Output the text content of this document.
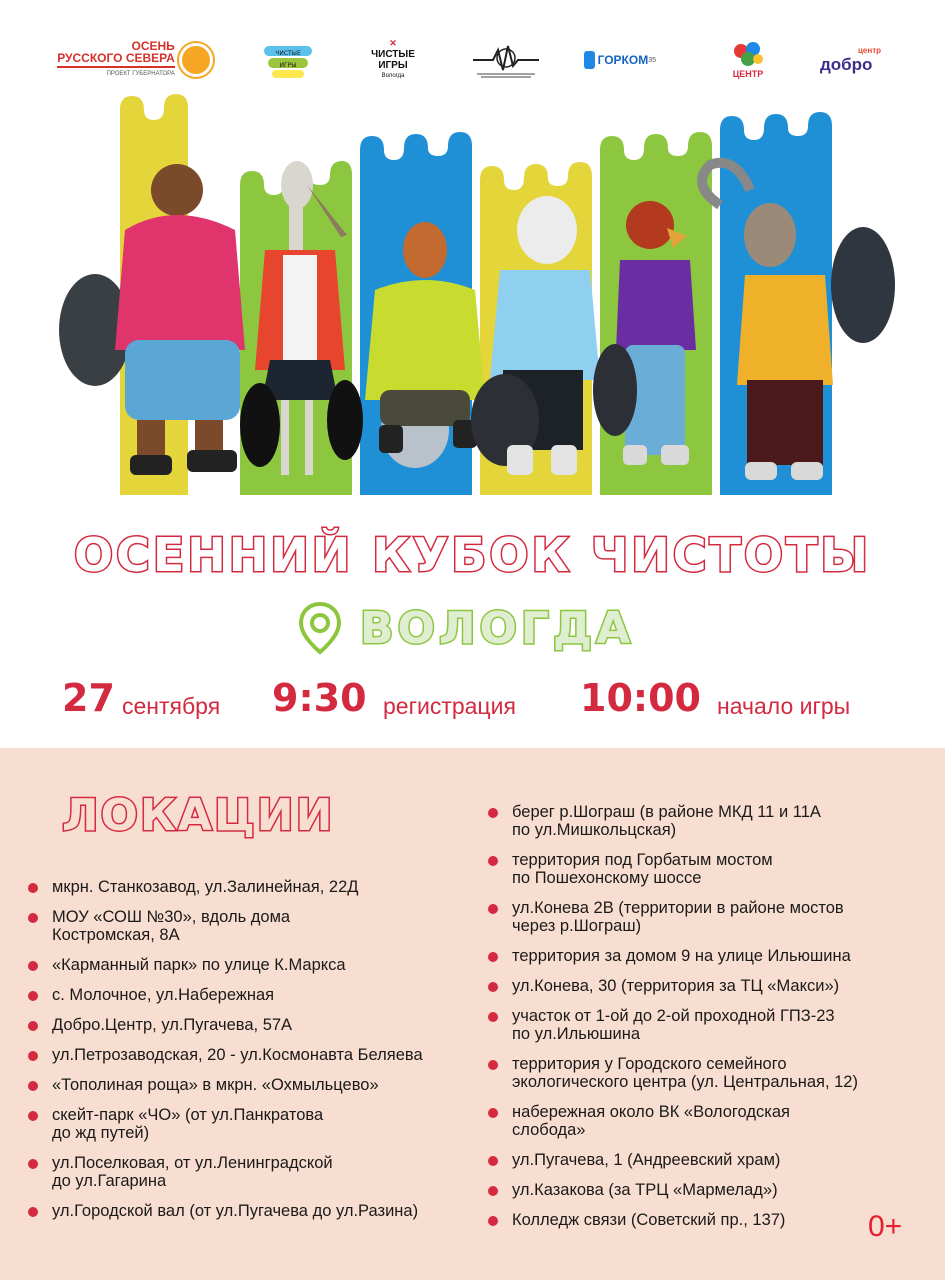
ОСЕНЬ
РУССКОГО СЕВЕРА
ПРОЕКТ ГУБЕРНАТОРА
ЧИСТЫЕ
ИГРЫ
✕
ЧИСТЫЕ
ИГРЫ
Вологда
ГОРКОМ 35
ЦЕНТР
центр
добро
ОСЕННИЙ КУБОК ЧИСТОТЫ
ВОЛОГДА
27 сентября 9:30 регистрация 10:00 начало игры
ЛОКАЦИИ
мкрн. Станкозавод, ул.Залинейная, 22Д
МОУ «СОШ №30», вдоль дома
Костромская, 8А
«Карманный парк» по улице К.Маркса
с. Молочное, ул.Набережная
Добро.Центр, ул.Пугачева, 57А
ул.Петрозаводская, 20 - ул.Космонавта Беляева
«Тополиная роща» в мкрн. «Охмыльцево»
скейт-парк «ЧО» (от ул.Панкратова
до жд путей)
ул.Поселковая, от ул.Ленинградской
до ул.Гагарина
ул.Городской вал (от ул.Пугачева до ул.Разина)
берег р.Шограш (в районе МКД 11 и 11А
по ул.Мишкольцская)
территория под Горбатым мостом
по Пошехонскому шоссе
ул.Конева 2В (территории в районе мостов
через р.Шограш)
территория за домом 9 на улице Ильюшина
ул.Конева, 30 (территория за ТЦ «Макси»)
участок от 1-ой до 2-ой проходной ГПЗ-23
по ул.Ильюшина
территория у Городского семейного
экологического центра (ул. Центральная, 12)
набережная около ВК «Вологодская
слобода»
ул.Пугачева, 1 (Андреевский храм)
ул.Казакова (за ТРЦ «Мармелад»)
Колледж связи (Советский пр., 137)	0+
